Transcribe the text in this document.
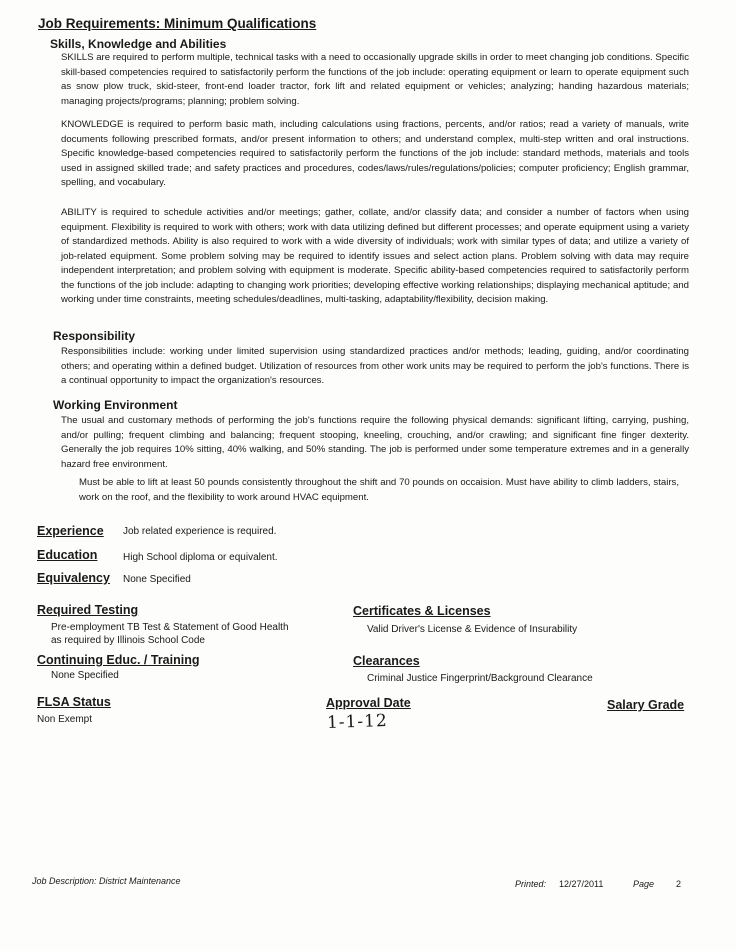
Job Requirements: Minimum Qualifications
Skills, Knowledge and Abilities
SKILLS are required to perform multiple, technical tasks with a need to occasionally upgrade skills in order to meet changing job conditions. Specific skill-based competencies required to satisfactorily perform the functions of the job include: operating equipment or learn to operate equipment such as snow plow truck, skid-steer, front-end loader tractor, fork lift and related equipment or vehicles; analyzing; handing hazardous materials; managing projects/programs; planning; problem solving.
KNOWLEDGE is required to perform basic math, including calculations using fractions, percents, and/or ratios; read a variety of manuals, write documents following prescribed formats, and/or present information to others; and understand complex, multi-step written and oral instructions. Specific knowledge-based competencies required to satisfactorily perform the functions of the job include: standard methods, materials and tools used in assigned skilled trade; and safety practices and procedures, codes/laws/rules/regulations/policies; computer proficiency; English grammar, spelling, and vocabulary.
ABILITY is required to schedule activities and/or meetings; gather, collate, and/or classify data; and consider a number of factors when using equipment. Flexibility is required to work with others; work with data utilizing defined but different processes; and operate equipment using a variety of standardized methods. Ability is also required to work with a wide diversity of individuals; work with similar types of data; and utilize a variety of job-related equipment. Some problem solving may be required to identify issues and select action plans. Problem solving with data may require independent interpretation; and problem solving with equipment is moderate. Specific ability-based competencies required to satisfactorily perform the functions of the job include: adapting to changing work priorities; developing effective working relationships; displaying mechanical aptitude; and working under time constraints, meeting schedules/deadlines, multi-tasking, adaptability/flexibility, decision making.
Responsibility
Responsibilities include: working under limited supervision using standardized practices and/or methods; leading, guiding, and/or coordinating others; and operating within a defined budget. Utilization of resources from other work units may be required to perform the job's functions. There is a continual opportunity to impact the organization's resources.
Working Environment
The usual and customary methods of performing the job's functions require the following physical demands: significant lifting, carrying, pushing, and/or pulling; frequent climbing and balancing; frequent stooping, kneeling, crouching, and/or crawling; and significant fine finger dexterity. Generally the job requires 10% sitting, 40% walking, and 50% standing. The job is performed under some temperature extremes and in a generally hazard free environment.
Must be able to lift at least 50 pounds consistently throughout the shift and 70 pounds on occaision. Must have ability to climb ladders, stairs, work on the roof, and the flexibility to work around HVAC equipment.
Experience Job related experience is required.
Education	High School diploma or equivalent.
Equivalency None Specified
Required Testing
Pre-employment TB Test & Statement of Good Health
as required by Illinois School Code
Certificates & Licenses
Valid Driver's License & Evidence of Insurability
Continuing Educ. / Training
None Specified
Clearances
Criminal Justice Fingerprint/Background Clearance
FLSA Status
Non Exempt
Approval Date
1-1-12
Salary Grade
Job Description: District Maintenance	Printed: 12/27/2011	Page 2
